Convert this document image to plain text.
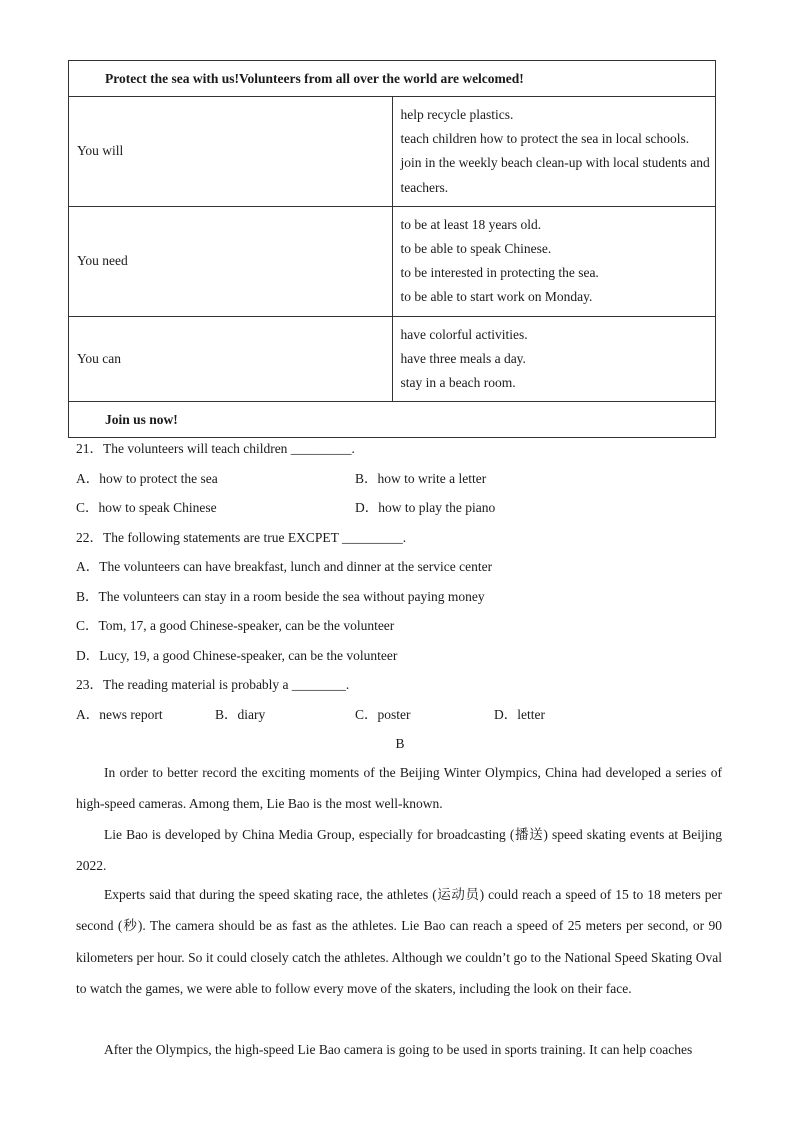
Protect the sea with us!Volunteers from all over the world are welcomed!	
You will	help recycle plastics.
teach children how to protect the sea in local schools.
join in the weekly beach clean-up with local students and teachers.

You need	to be at least 18 years old.
to be able to speak Chinese.
to be interested in protecting the sea.
to be able to start work on Monday.

You can	have colorful activities.
have three meals a day.
stay in a beach room.

Join us now!	
21．The volunteers will teach children _________.
A．how to protect the sea	B．how to write a letter
C．how to speak Chinese	D．how to play the piano
22．The following statements are true EXCPET _________.
A．The volunteers can have breakfast, lunch and dinner at the service center
B．The volunteers can stay in a room beside the sea without paying money
C．Tom, 17, a good Chinese-speaker, can be the volunteer
D．Lucy, 19, a good Chinese-speaker, can be the volunteer
23．The reading material is probably a ________.
A．news report	B．diary	C．poster	D．letter
B
In order to better record the exciting moments of the Beijing Winter Olympics, China had developed a series of high-speed cameras. Among them, Lie Bao is the most well-known.
Lie Bao is developed by China Media Group, especially for broadcasting (播送) speed skating events at Beijing 2022.
Experts said that during the speed skating race, the athletes (运动员) could reach a speed of 15 to 18 meters per second (秒). The camera should be as fast as the athletes. Lie Bao can reach a speed of 25 meters per second, or 90 kilometers per hour. So it could closely catch the athletes. Although we couldn’t go to the National Speed Skating Oval to watch the games, we were able to follow every move of the skaters, including the look on their face.
After the Olympics, the high-speed Lie Bao camera is going to be used in sports training. It can help coaches
